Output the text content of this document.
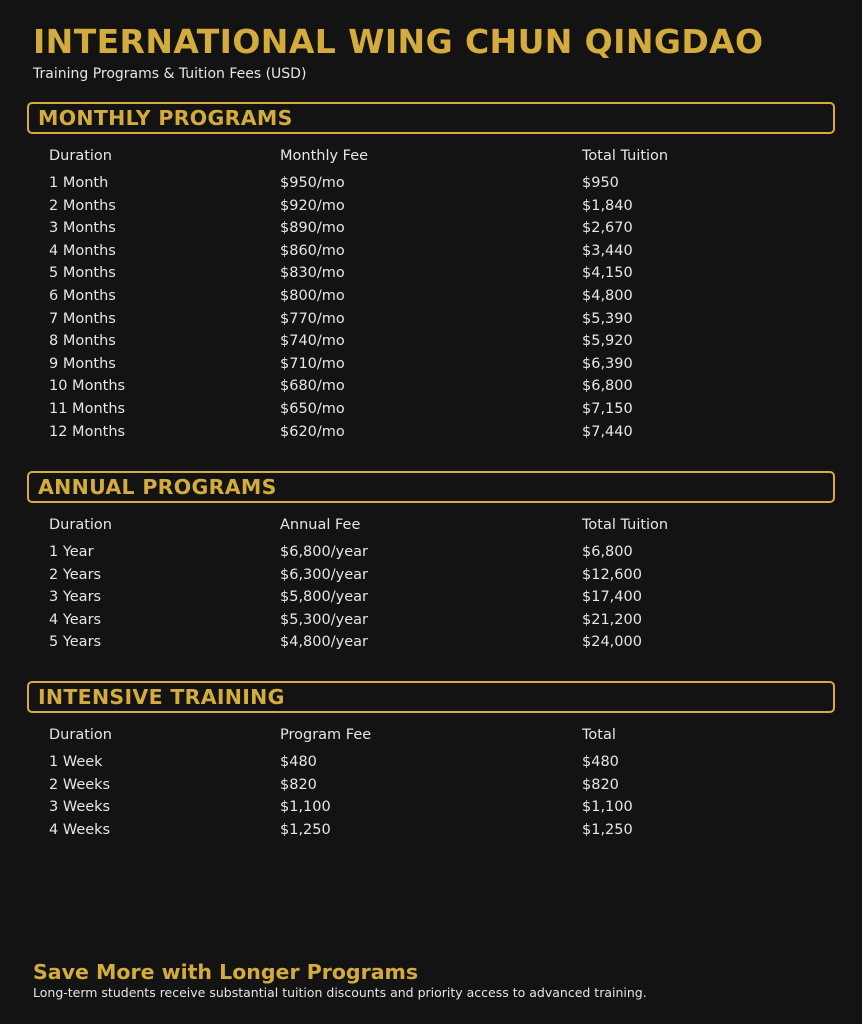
INTERNATIONAL WING CHUN QINGDAO

Training Programs & Tuition Fees (USD)

MONTHLY PROGRAMS
Duration	Monthly Fee	Total Tuition
1 Month	$950/mo	$950
2 Months	$920/mo	$1,840
3 Months	$890/mo	$2,670
4 Months	$860/mo	$3,440
5 Months	$830/mo	$4,150
6 Months	$800/mo	$4,800
7 Months	$770/mo	$5,390
8 Months	$740/mo	$5,920
9 Months	$710/mo	$6,390
10 Months	$680/mo	$6,800
11 Months	$650/mo	$7,150
12 Months	$620/mo	$7,440
ANNUAL PROGRAMS
Duration	Annual Fee	Total Tuition
1 Year	$6,800/year	$6,800
2 Years	$6,300/year	$12,600
3 Years	$5,800/year	$17,400
4 Years	$5,300/year	$21,200
5 Years	$4,800/year	$24,000
INTENSIVE TRAINING
Duration	Program Fee	Total
1 Week	$480	$480
2 Weeks	$820	$820
3 Weeks	$1,100	$1,100
4 Weeks	$1,250	$1,250

Save More with Longer Programs

Long-term students receive substantial tuition discounts and priority access to advanced training.
